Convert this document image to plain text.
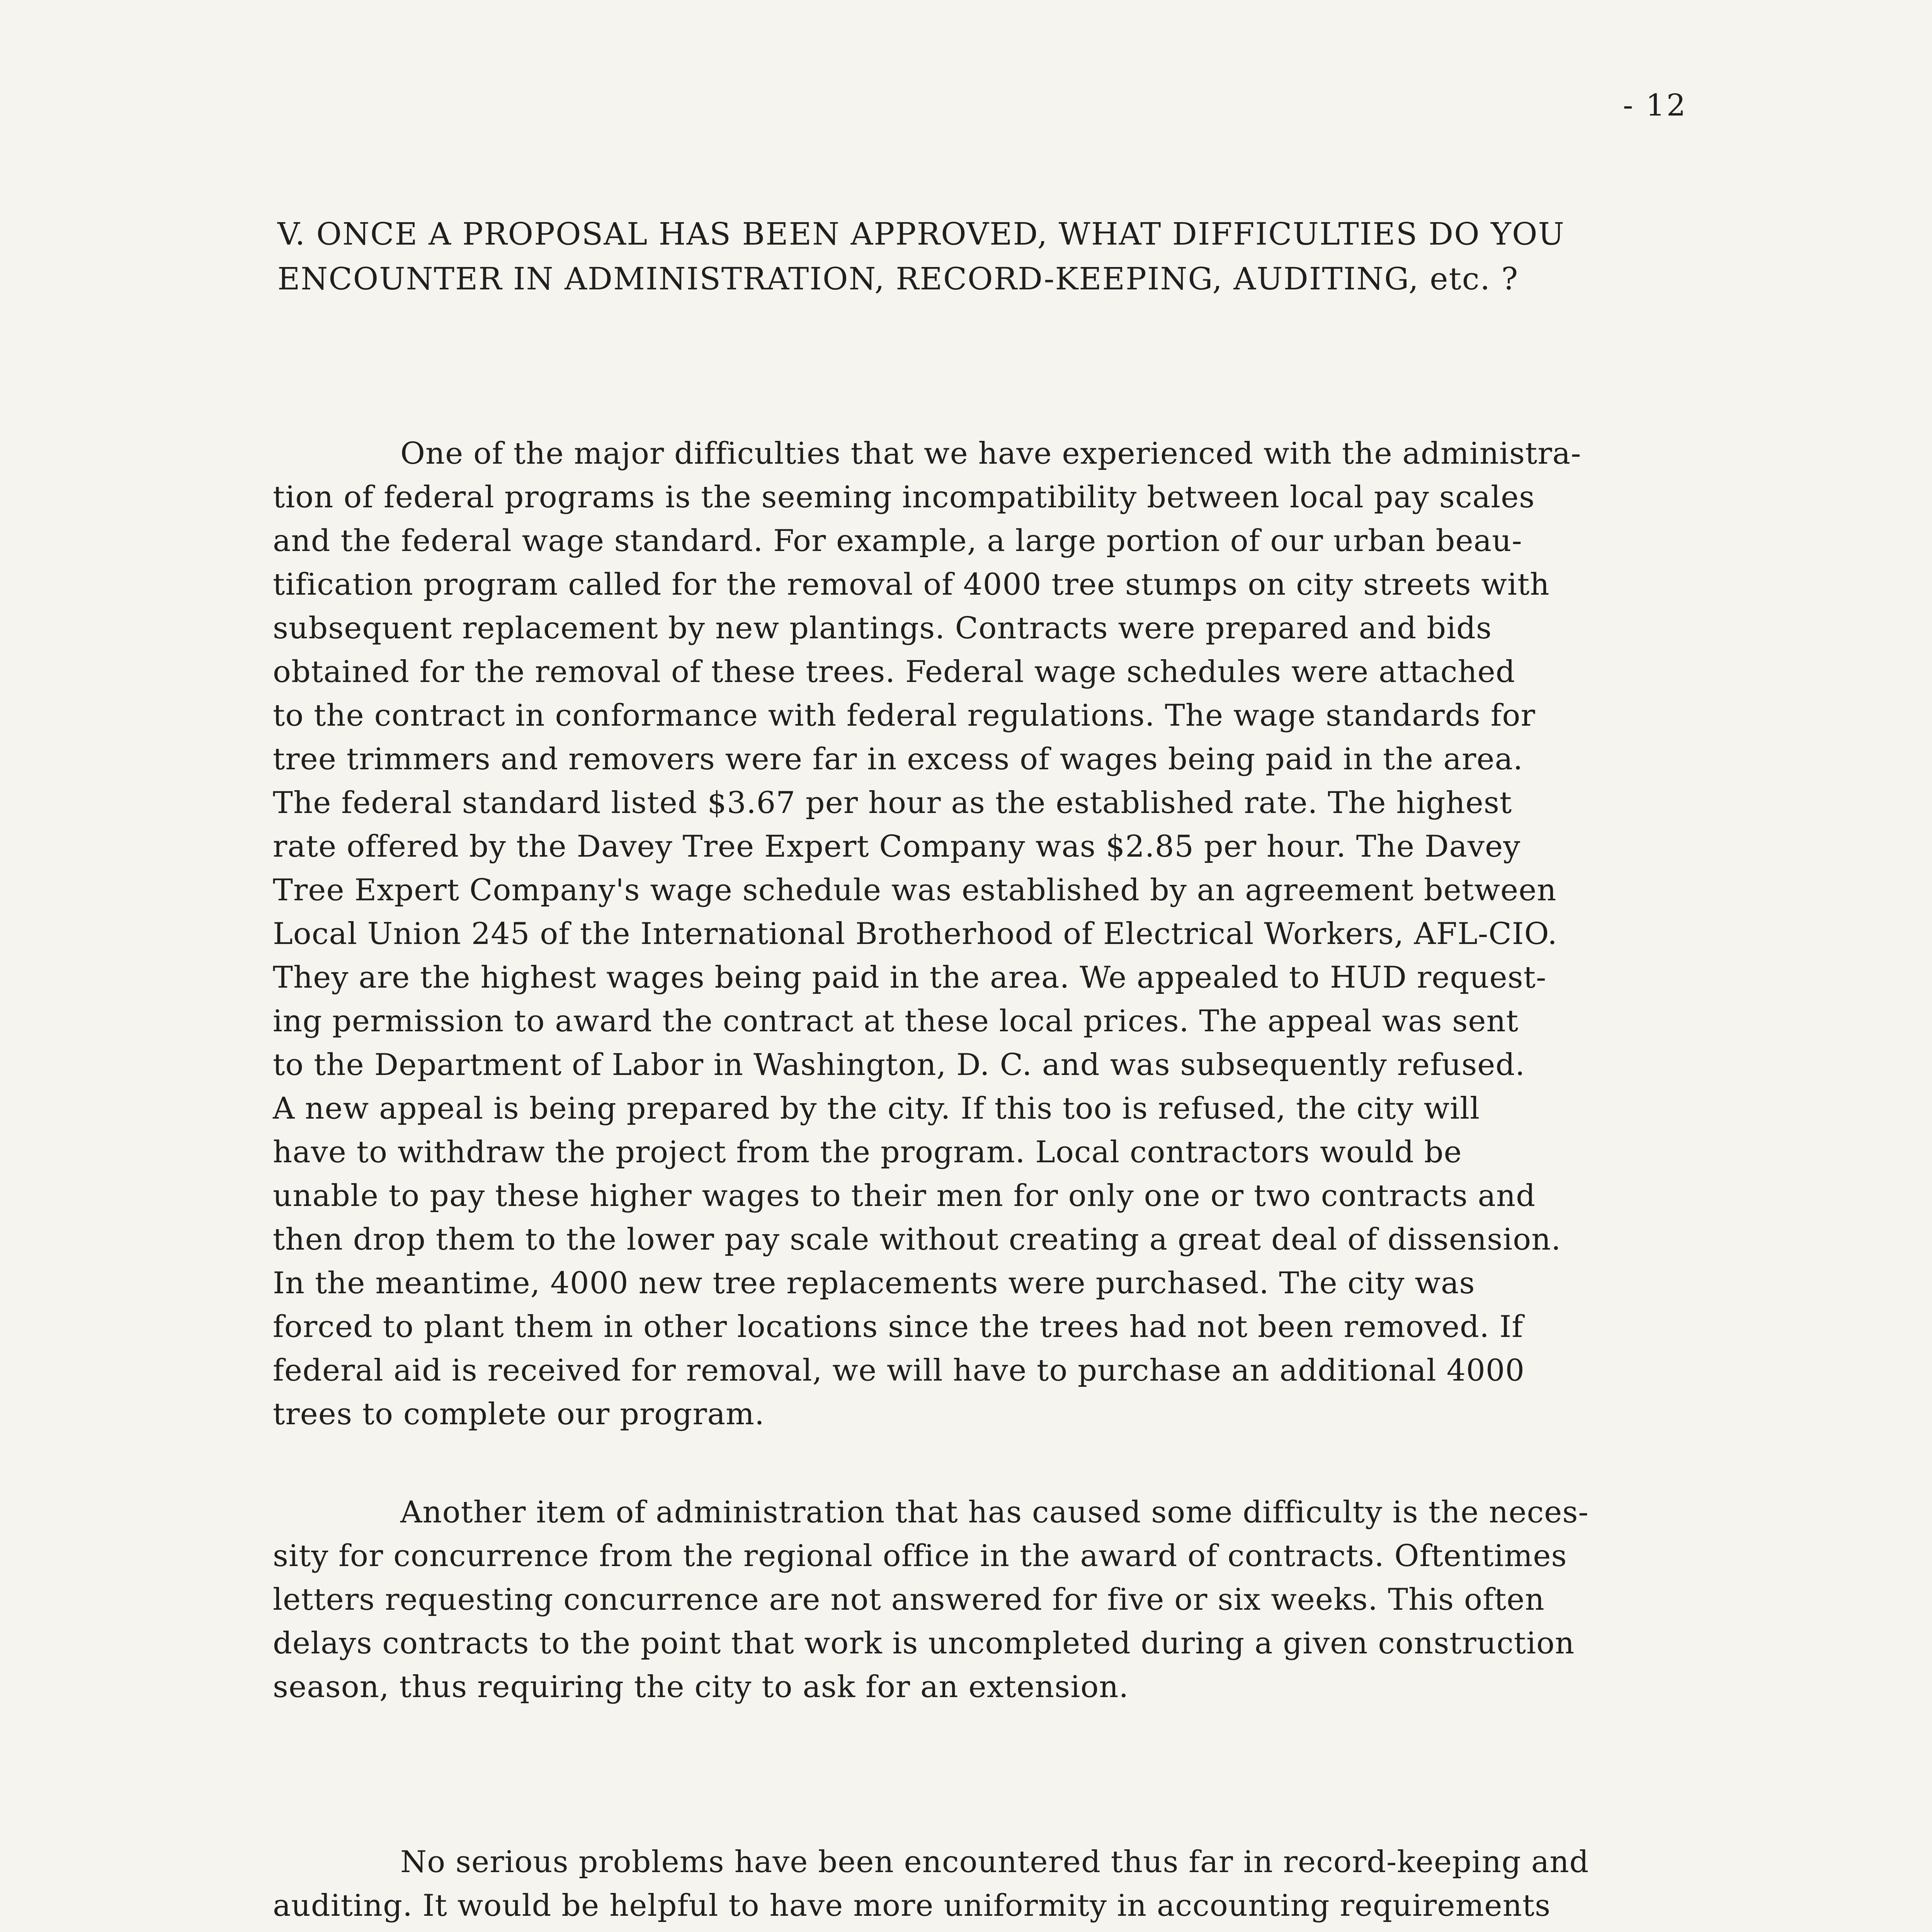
- 12
V. ONCE A PROPOSAL HAS BEEN APPROVED, WHAT DIFFICULTIES DO YOU
ENCOUNTER IN ADMINISTRATION, RECORD-KEEPING, AUDITING, etc. ?
One of the major difficulties that we have experienced with the administra-
tion of federal programs is the seeming incompatibility between local pay scales
and the federal wage standard. For example, a large portion of our urban beau-
tification program called for the removal of 4000 tree stumps on city streets with
subsequent replacement by new plantings. Contracts were prepared and bids
obtained for the removal of these trees. Federal wage schedules were attached
to the contract in conformance with federal regulations. The wage standards for
tree trimmers and removers were far in excess of wages being paid in the area.
The federal standard listed $3.67 per hour as the established rate. The highest
rate offered by the Davey Tree Expert Company was $2.85 per hour. The Davey
Tree Expert Company's wage schedule was established by an agreement between
Local Union 245 of the International Brotherhood of Electrical Workers, AFL-CIO.
They are the highest wages being paid in the area. We appealed to HUD request-
ing permission to award the contract at these local prices. The appeal was sent
to the Department of Labor in Washington, D. C. and was subsequently refused.
A new appeal is being prepared by the city. If this too is refused, the city will
have to withdraw the project from the program. Local contractors would be
unable to pay these higher wages to their men for only one or two contracts and
then drop them to the lower pay scale without creating a great deal of dissension.
In the meantime, 4000 new tree replacements were purchased. The city was
forced to plant them in other locations since the trees had not been removed. If
federal aid is received for removal, we will have to purchase an additional 4000
trees to complete our program.
Another item of administration that has caused some difficulty is the neces-
sity for concurrence from the regional office in the award of contracts. Oftentimes
letters requesting concurrence are not answered for five or six weeks. This often
delays contracts to the point that work is uncompleted during a given construction
season, thus requiring the city to ask for an extension.
No serious problems have been encountered thus far in record-keeping and
auditing. It would be helpful to have more uniformity in accounting requirements
